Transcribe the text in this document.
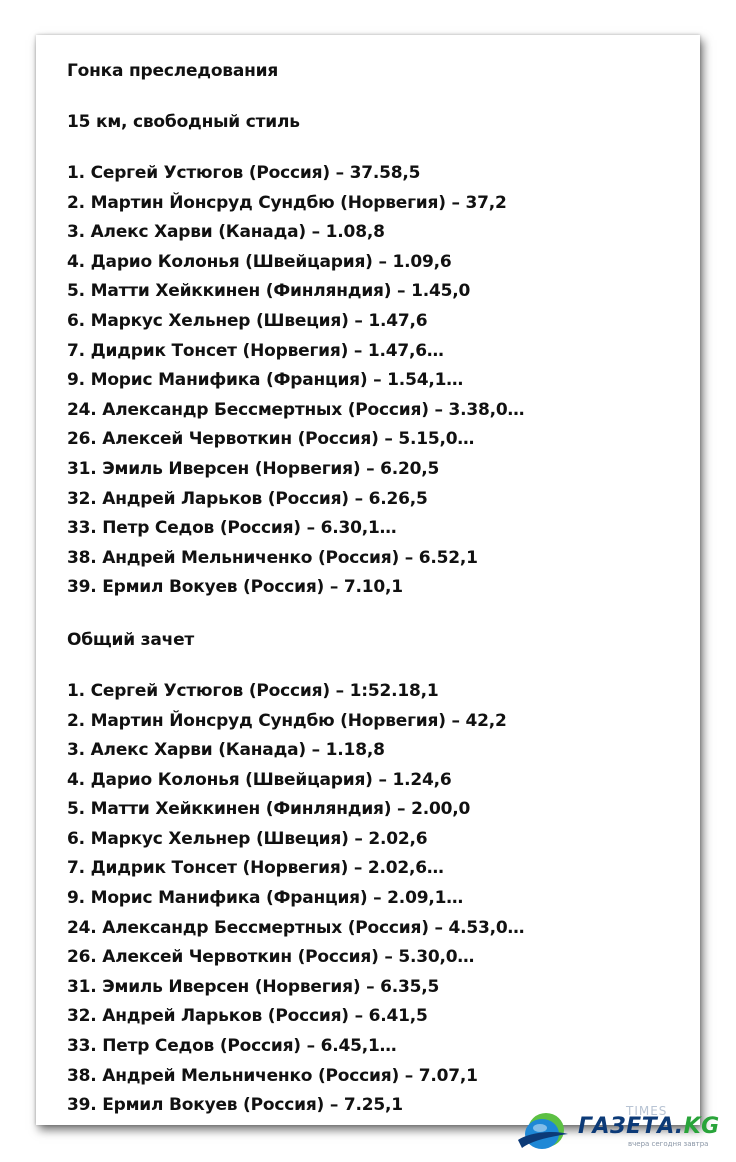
Гонка преследования
15 км, свободный стиль
1. Сергей Устюгов (Россия) – 37.58,5
2. Мартин Йонсруд Сундбю (Норвегия) – 37,2
3. Алекс Харви (Канада) – 1.08,8
4. Дарио Колонья (Швейцария) – 1.09,6
5. Матти Хейккинен (Финляндия) – 1.45,0
6. Маркус Хельнер (Швеция) – 1.47,6
7. Дидрик Тонсет (Норвегия) – 1.47,6…
9. Морис Манифика (Франция) – 1.54,1…
24. Александр Бессмертных (Россия) – 3.38,0…
26. Алексей Червоткин (Россия) – 5.15,0…
31. Эмиль Иверсен (Норвегия) – 6.20,5
32. Андрей Ларьков (Россия) – 6.26,5
33. Петр Седов (Россия) – 6.30,1…
38. Андрей Мельниченко (Россия) – 6.52,1
39. Ермил Вокуев (Россия) – 7.10,1
Общий зачет
1. Сергей Устюгов (Россия) – 1:52.18,1
2. Мартин Йонсруд Сундбю (Норвегия) – 42,2
3. Алекс Харви (Канада) – 1.18,8
4. Дарио Колонья (Швейцария) – 1.24,6
5. Матти Хейккинен (Финляндия) – 2.00,0
6. Маркус Хельнер (Швеция) – 2.02,6
7. Дидрик Тонсет (Норвегия) – 2.02,6…
9. Морис Манифика (Франция) – 2.09,1…
24. Александр Бессмертных (Россия) – 4.53,0…
26. Алексей Червоткин (Россия) – 5.30,0…
31. Эмиль Иверсен (Норвегия) – 6.35,5
32. Андрей Ларьков (Россия) – 6.41,5
33. Петр Седов (Россия) – 6.45,1…
38. Андрей Мельниченко (Россия) – 7.07,1
39. Ермил Вокуев (Россия) – 7.25,1	TIMES
ГАЗЕТА.KG
вчера сегодня завтра
